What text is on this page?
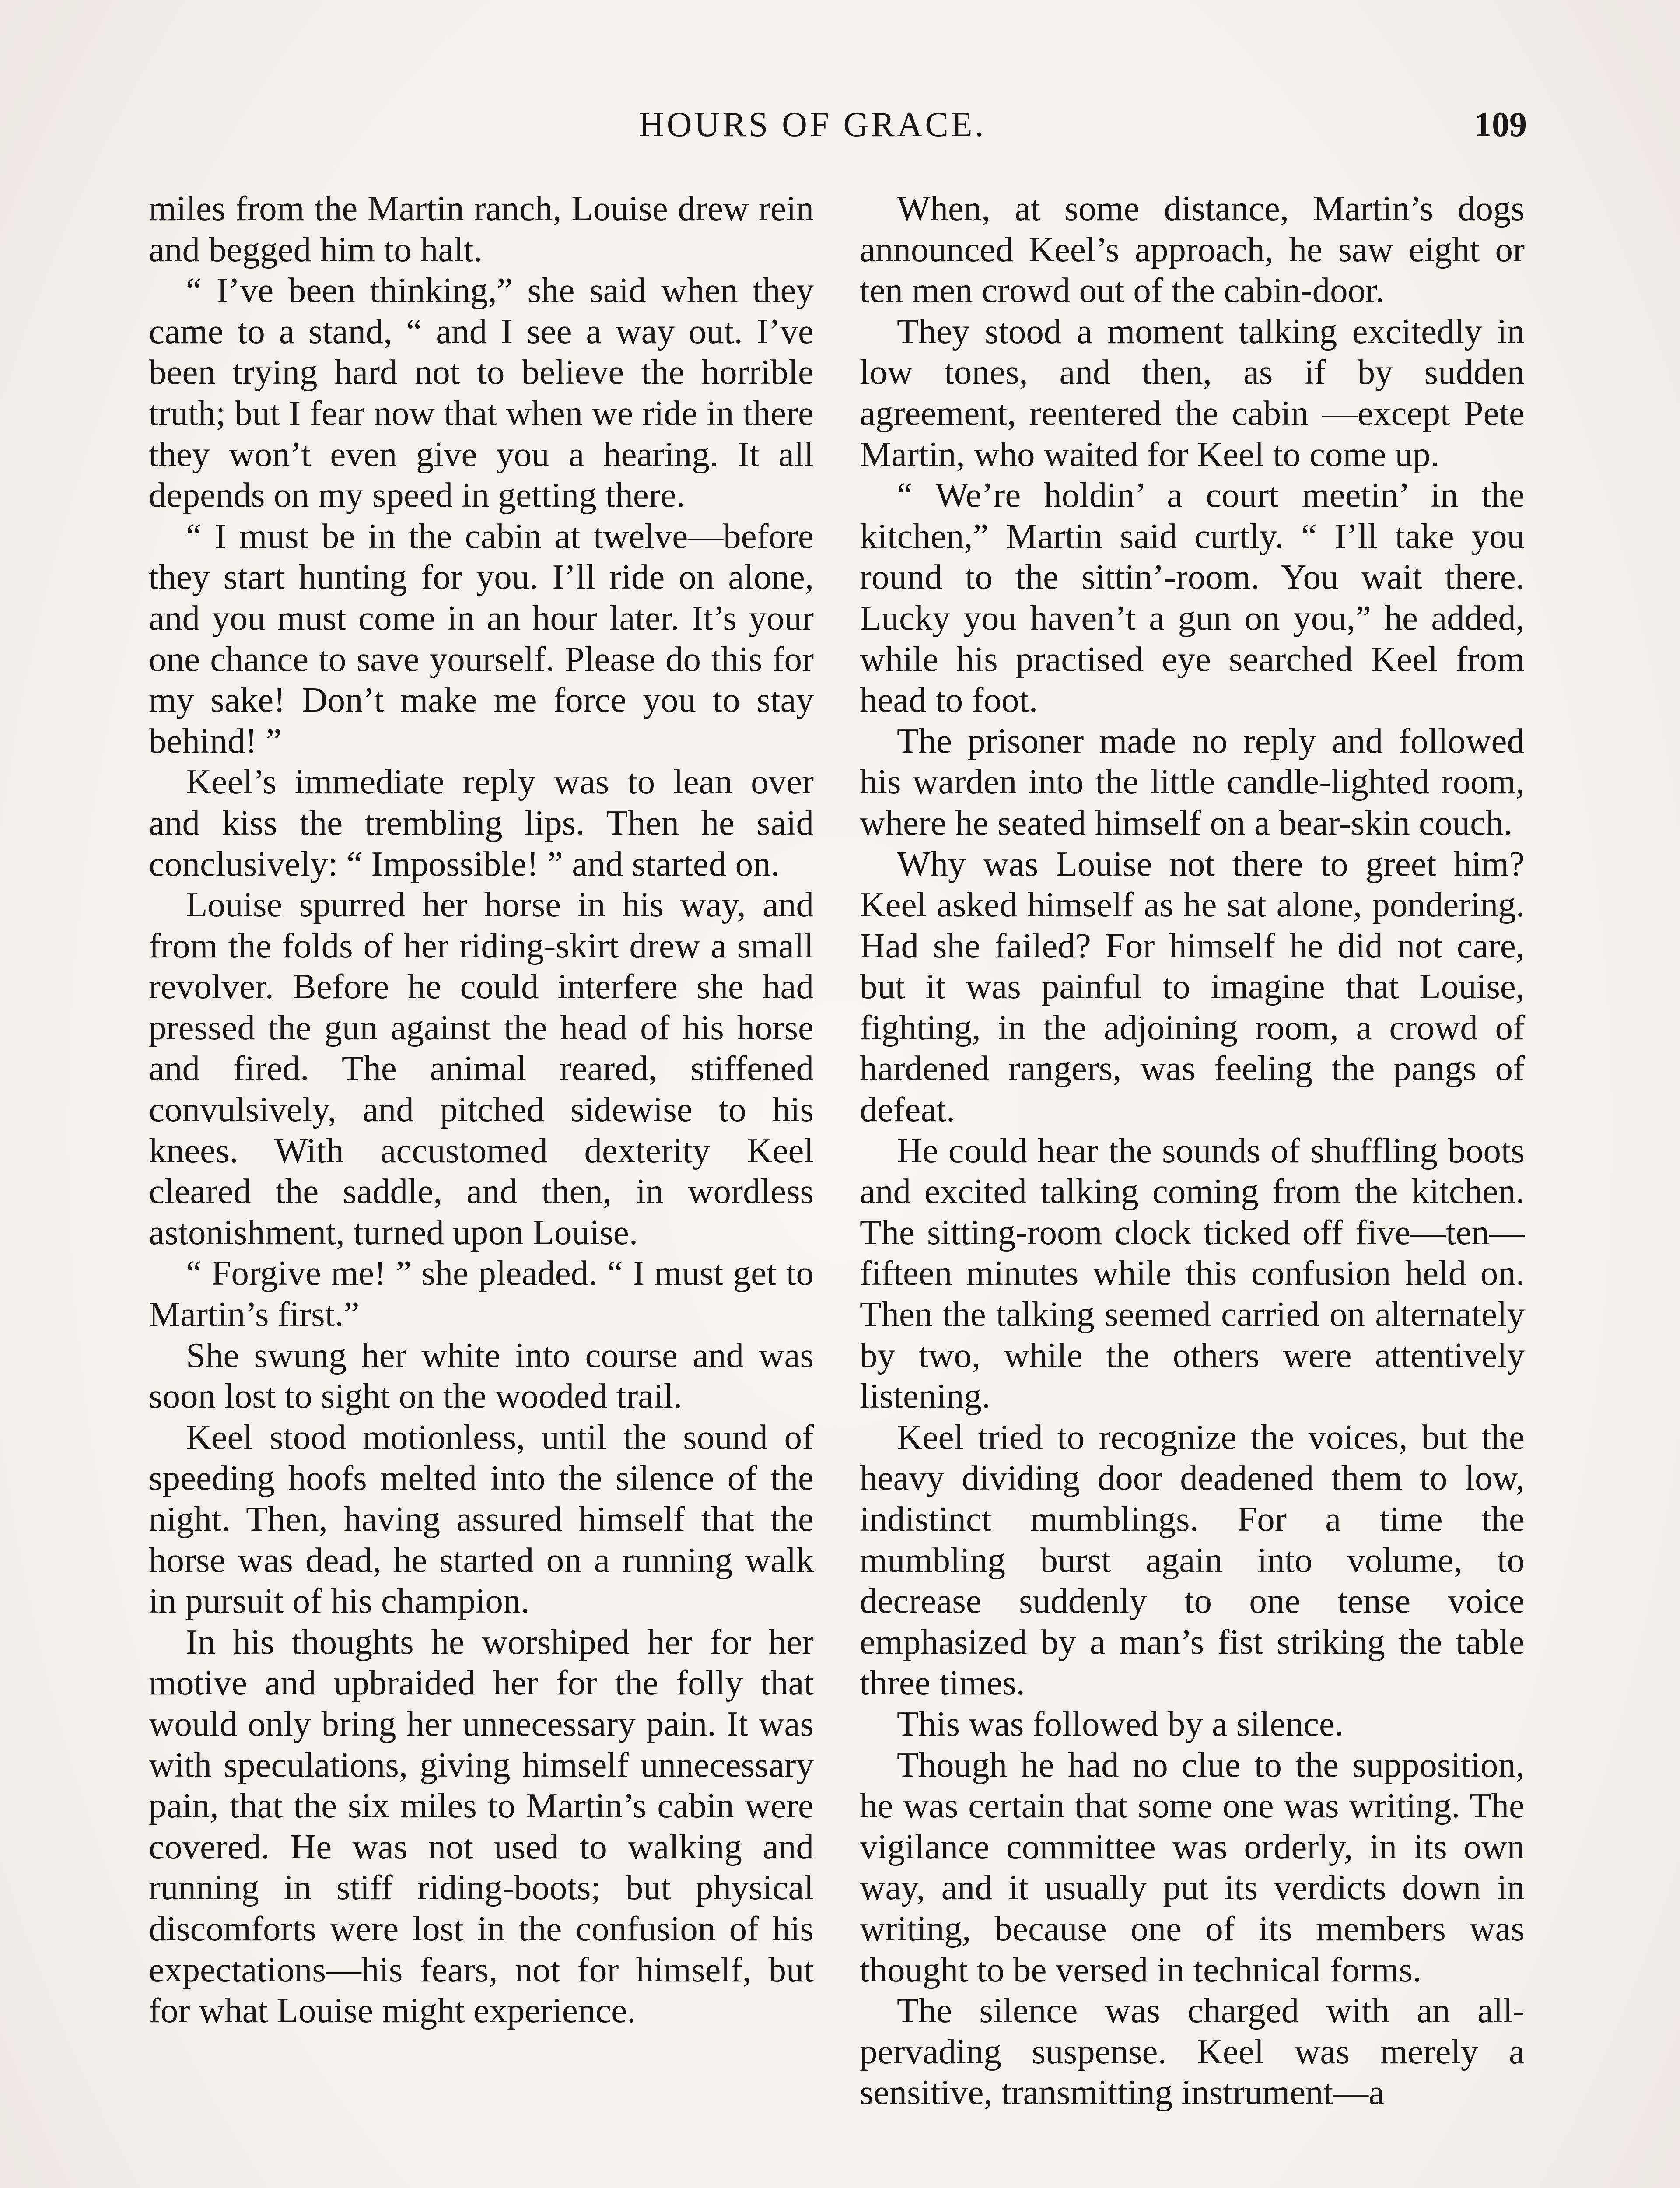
HOURS OF GRACE.	109

miles from the Martin ranch, Louise drew rein and begged him to halt.

“ I’ve been thinking,” she said when they came to a stand, “ and I see a way out. I’ve been trying hard not to believe the horrible truth; but I fear now that when we ride in there they won’t even give you a hearing. It all depends on my speed in getting there.

“ I must be in the cabin at twelve—before they start hunting for you. I’ll ride on alone, and you must come in an hour later. It’s your one chance to save yourself. Please do this for my sake! Don’t make me force you to stay behind! ”

Keel’s immediate reply was to lean over and kiss the trembling lips. Then he said conclusively: “ Impossible! ” and started on.

Louise spurred her horse in his way, and from the folds of her riding-skirt drew a small revolver. Before he could interfere she had pressed the gun against the head of his horse and fired. The animal reared, stiffened convulsively, and pitched sidewise to his knees. With accustomed dexterity Keel cleared the saddle, and then, in wordless astonishment, turned upon Louise.

“ Forgive me! ” she pleaded. “ I must get to Martin’s first.”

She swung her white into course and was soon lost to sight on the wooded trail.

Keel stood motionless, until the sound of speeding hoofs melted into the silence of the night. Then, having assured himself that the horse was dead, he started on a running walk in pursuit of his champion.

In his thoughts he worshiped her for her motive and upbraided her for the folly that would only bring her unnecessary pain. It was with speculations, giving himself unnecessary pain, that the six miles to Martin’s cabin were covered. He was not used to walking and running in stiff riding-boots; but physical discomforts were lost in the confusion of his expectations—his fears, not for himself, but for what Louise might experience.

When, at some distance, Martin’s dogs announced Keel’s approach, he saw eight or ten men crowd out of the cabin-door.

They stood a moment talking excitedly in low tones, and then, as if by sudden agreement, reentered the cabin —except Pete Martin, who waited for Keel to come up.

“ We’re holdin’ a court meetin’ in the kitchen,” Martin said curtly. “ I’ll take you round to the sittin’-room. You wait there. Lucky you haven’t a gun on you,” he added, while his practised eye searched Keel from head to foot.

The prisoner made no reply and followed his warden into the little candle-lighted room, where he seated himself on a bear-skin couch.

Why was Louise not there to greet him? Keel asked himself as he sat alone, pondering. Had she failed? For himself he did not care, but it was painful to imagine that Louise, fighting, in the adjoining room, a crowd of hardened rangers, was feeling the pangs of defeat.

He could hear the sounds of shuffling boots and excited talking coming from the kitchen. The sitting-room clock ticked off five—ten—fifteen minutes while this confusion held on. Then the talking seemed carried on alternately by two, while the others were attentively listening.

Keel tried to recognize the voices, but the heavy dividing door deadened them to low, indistinct mumblings. For a time the mumbling burst again into volume, to decrease suddenly to one tense voice emphasized by a man’s fist striking the table three times.

This was followed by a silence.

Though he had no clue to the supposition, he was certain that some one was writing. The vigilance committee was orderly, in its own way, and it usually put its verdicts down in writing, because one of its members was thought to be versed in technical forms.

The silence was charged with an all-pervading suspense. Keel was merely a sensitive, transmitting instrument—a
